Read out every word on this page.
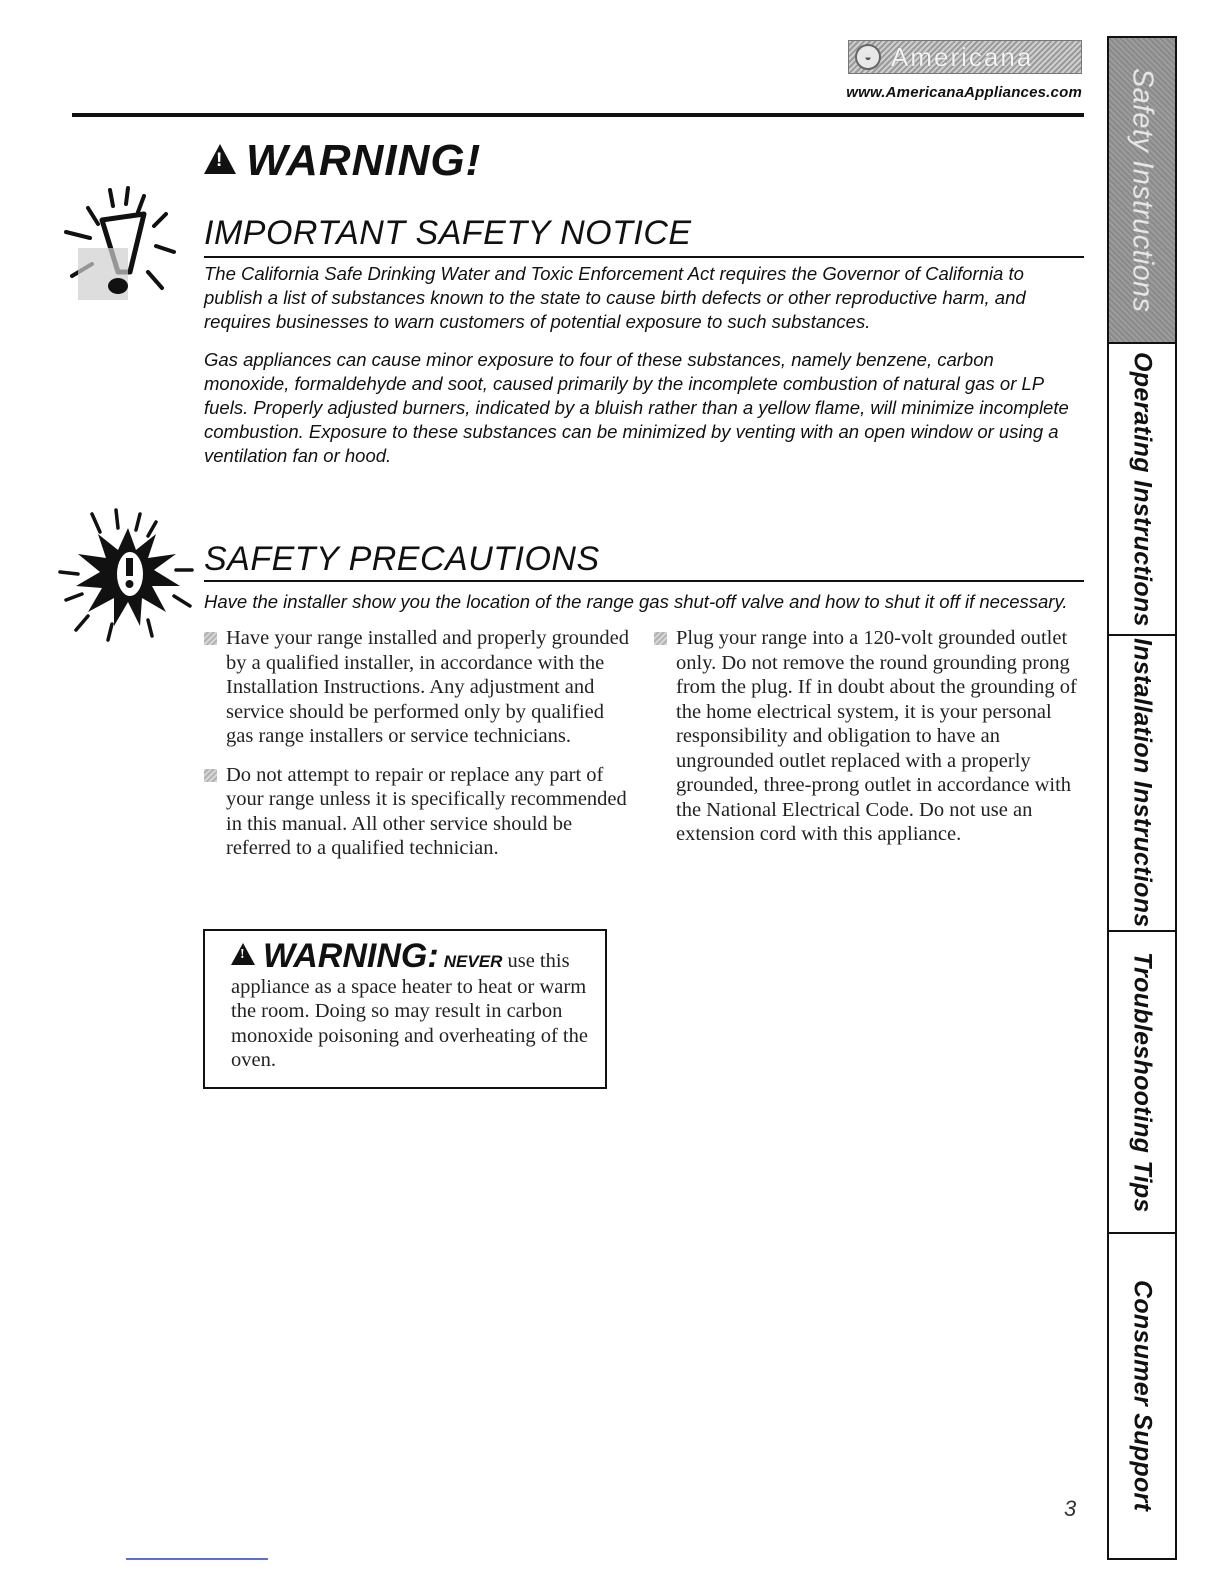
◒ Americana
www.AmericanaAppliances.com
!
WARNING!
IMPORTANT SAFETY NOTICE

The California Safe Drinking Water and Toxic Enforcement Act requires the Governor of California to publish a list of substances known to the state to cause birth defects or other reproductive harm, and requires businesses to warn customers of potential exposure to such substances.

Gas appliances can cause minor exposure to four of these substances, namely benzene, carbon monoxide, formaldehyde and soot, caused primarily by the incomplete combustion of natural gas or LP fuels. Properly adjusted burners, indicated by a bluish rather than a yellow flame, will minimize incomplete combustion. Exposure to these substances can be minimized by venting with an open window or using a ventilation fan or hood.

SAFETY PRECAUTIONS
Have the installer show you the location of the range gas shut-off valve and how to shut it off if necessary.

Have your range installed and properly grounded by a qualified installer, in accordance with the Installation Instructions. Any adjustment and service should be performed only by qualified gas range installers or service technicians.

Do not attempt to repair or replace any part of your range unless it is specifically recommended in this manual. All other service should be referred to a qualified technician.

Plug your range into a 120-volt grounded outlet only. Do not remove the round grounding prong from the plug. If in doubt about the grounding of the home electrical system, it is your personal responsibility and obligation to have an ungrounded outlet replaced with a properly grounded, three-prong outlet in accordance with the National Electrical Code. Do not use an extension cord with this appliance.

!WARNING: NEVER use this appliance as a space heater to heat or warm the room. Doing so may result in carbon monoxide poisoning and overheating of the oven.
Safety Instructions
Operating Instructions
Installation Instructions
Troubleshooting Tips
Consumer Support
3
